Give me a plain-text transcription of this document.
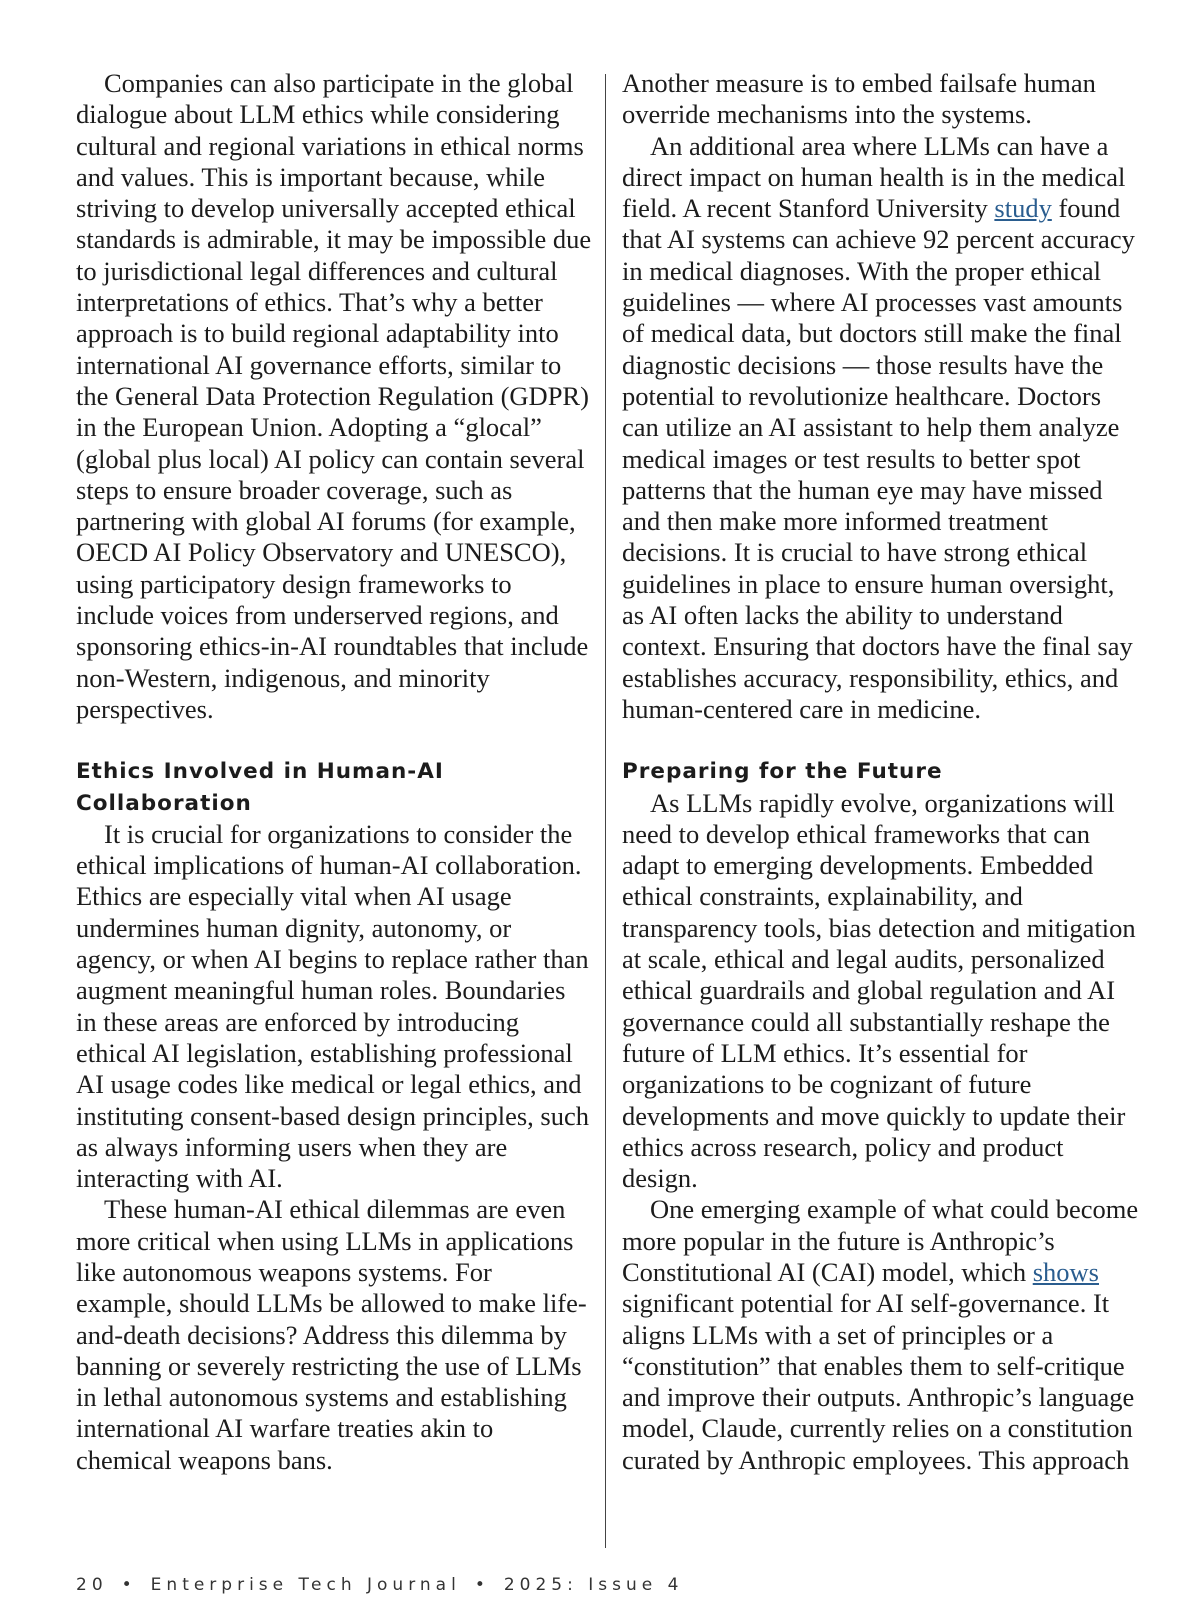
Companies can also participate in the global dialogue about LLM ethics while considering cultural and regional variations in ethical norms and values. This is important because, while striving to develop universally accepted ethical standards is admirable, it may be impossible due to jurisdictional legal differences and cultural interpretations of ethics. That’s why a better approach is to build regional adaptability into international AI governance efforts, similar to the General Data Protection Regulation (GDPR) in the European Union. Adopting a “glocal” (global plus local) AI policy can contain several steps to ensure broader coverage, such as partnering with global AI forums (for example, OECD AI Policy Observatory and UNESCO), using participatory design frameworks to include voices from underserved regions, and sponsoring ethics-in-AI roundtables that include non-Western, indigenous, and minority perspectives.

Ethics Involved in Human-AI Collaboration

It is crucial for organizations to consider the ethical implications of human-AI collaboration. Ethics are especially vital when AI usage undermines human dignity, autonomy, or agency, or when AI begins to replace rather than augment meaningful human roles. Boundaries in these areas are enforced by introducing ethical AI legislation, establishing professional AI usage codes like medical or legal ethics, and instituting consent-based design principles, such as always informing users when they are interacting with AI.

These human-AI ethical dilemmas are even more critical when using LLMs in applications like autonomous weapons systems. For example, should LLMs be allowed to make life-and-death decisions? Address this dilemma by banning or severely restricting the use of LLMs in lethal autonomous systems and establishing international AI warfare treaties akin to chemical weapons bans.

Another measure is to embed failsafe human override mechanisms into the systems.

An additional area where LLMs can have a direct impact on human health is in the medical field. A recent Stanford University study found that AI systems can achieve 92 percent accuracy in medical diagnoses. With the proper ethical guidelines — where AI processes vast amounts of medical data, but doctors still make the final diagnostic decisions — those results have the potential to revolutionize healthcare. Doctors can utilize an AI assistant to help them analyze medical images or test results to better spot patterns that the human eye may have missed and then make more informed treatment decisions. It is crucial to have strong ethical guidelines in place to ensure human oversight, as AI often lacks the ability to understand context. Ensuring that doctors have the final say establishes accuracy, responsibility, ethics, and human-centered care in medicine.

Preparing for the Future

As LLMs rapidly evolve, organizations will need to develop ethical frameworks that can adapt to emerging developments. Embedded ethical constraints, explainability, and transparency tools, bias detection and mitigation at scale, ethical and legal audits, personalized ethical guardrails and global regulation and AI governance could all substantially reshape the future of LLM ethics. It’s essential for organizations to be cognizant of future developments and move quickly to update their ethics across research, policy and product design.

One emerging example of what could become more popular in the future is Anthropic’s Constitutional AI (CAI) model, which shows significant potential for AI self-governance. It aligns LLMs with a set of principles or a “constitution” that enables them to self-critique and improve their outputs. Anthropic’s language model, Claude, currently relies on a constitution curated by Anthropic employees. This approach

20 • Enterprise Tech Journal • 2025: Issue 4
